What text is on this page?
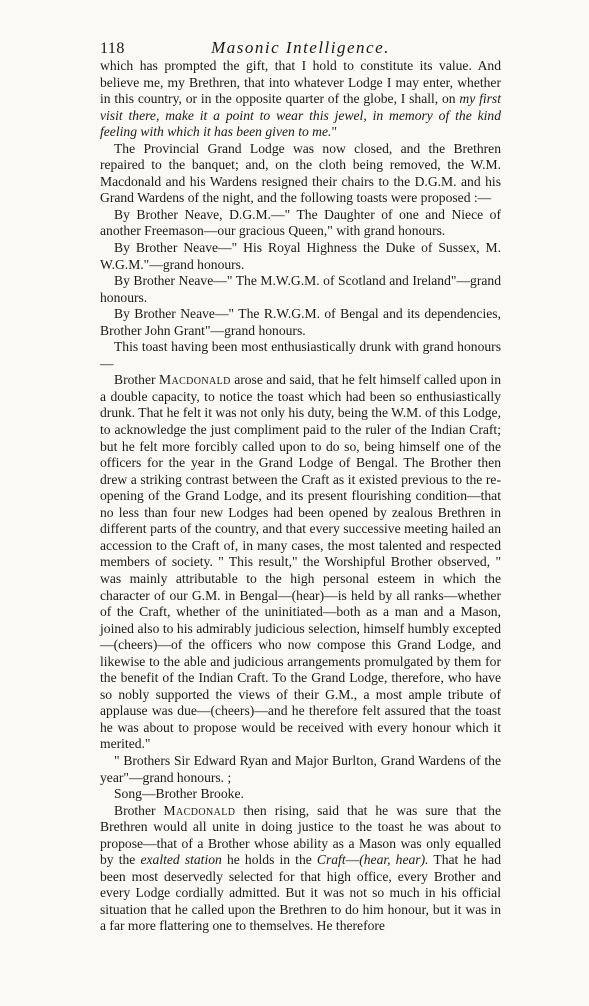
118	Masonic Intelligence.

which has prompted the gift, that I hold to constitute its value. And believe me, my Brethren, that into whatever Lodge I may enter, whether in this country, or in the opposite quarter of the globe, I shall, on my first visit there, make it a point to wear this jewel, in memory of the kind feeling with which it has been given to me."

The Provincial Grand Lodge was now closed, and the Brethren repaired to the banquet; and, on the cloth being removed, the W.M. Macdonald and his Wardens resigned their chairs to the D.G.M. and his Grand Wardens of the night, and the following toasts were proposed :—

By Brother Neave, D.G.M.—" The Daughter of one and Niece of another Freemason—our gracious Queen," with grand honours.

By Brother Neave—" His Royal Highness the Duke of Sussex, M. W.G.M."—grand honours.

By Brother Neave—" The M.W.G.M. of Scotland and Ireland"—grand honours.

By Brother Neave—" The R.W.G.M. of Bengal and its dependencies, Brother John Grant"—grand honours.

This toast having been most enthusiastically drunk with grand honours—

Brother Macdonald arose and said, that he felt himself called upon in a double capacity, to notice the toast which had been so enthusiastically drunk. That he felt it was not only his duty, being the W.M. of this Lodge, to acknowledge the just compliment paid to the ruler of the Indian Craft; but he felt more forcibly called upon to do so, being himself one of the officers for the year in the Grand Lodge of Bengal. The Brother then drew a striking contrast between the Craft as it existed previous to the re-opening of the Grand Lodge, and its present flourishing condition—that no less than four new Lodges had been opened by zealous Brethren in different parts of the country, and that every successive meeting hailed an accession to the Craft of, in many cases, the most talented and respected members of society. " This result," the Worshipful Brother observed, " was mainly attributable to the high personal esteem in which the character of our G.M. in Bengal—(hear)—is held by all ranks—whether of the Craft, whether of the uninitiated—both as a man and a Mason, joined also to his admirably judicious selection, himself humbly excepted—(cheers)—of the officers who now compose this Grand Lodge, and likewise to the able and judicious arrangements promulgated by them for the benefit of the Indian Craft. To the Grand Lodge, therefore, who have so nobly supported the views of their G.M., a most ample tribute of applause was due—(cheers)—and he therefore felt assured that the toast he was about to propose would be received with every honour which it merited."

" Brothers Sir Edward Ryan and Major Burlton, Grand Wardens of the year"—grand honours. ;

Song—Brother Brooke.

Brother Macdonald then rising, said that he was sure that the Brethren would all unite in doing justice to the toast he was about to propose—that of a Brother whose ability as a Mason was only equalled by the exalted station he holds in the Craft—(hear, hear). That he had been most deservedly selected for that high office, every Brother and every Lodge cordially admitted. But it was not so much in his official situation that he called upon the Brethren to do him honour, but it was in a far more flattering one to themselves. He therefore
